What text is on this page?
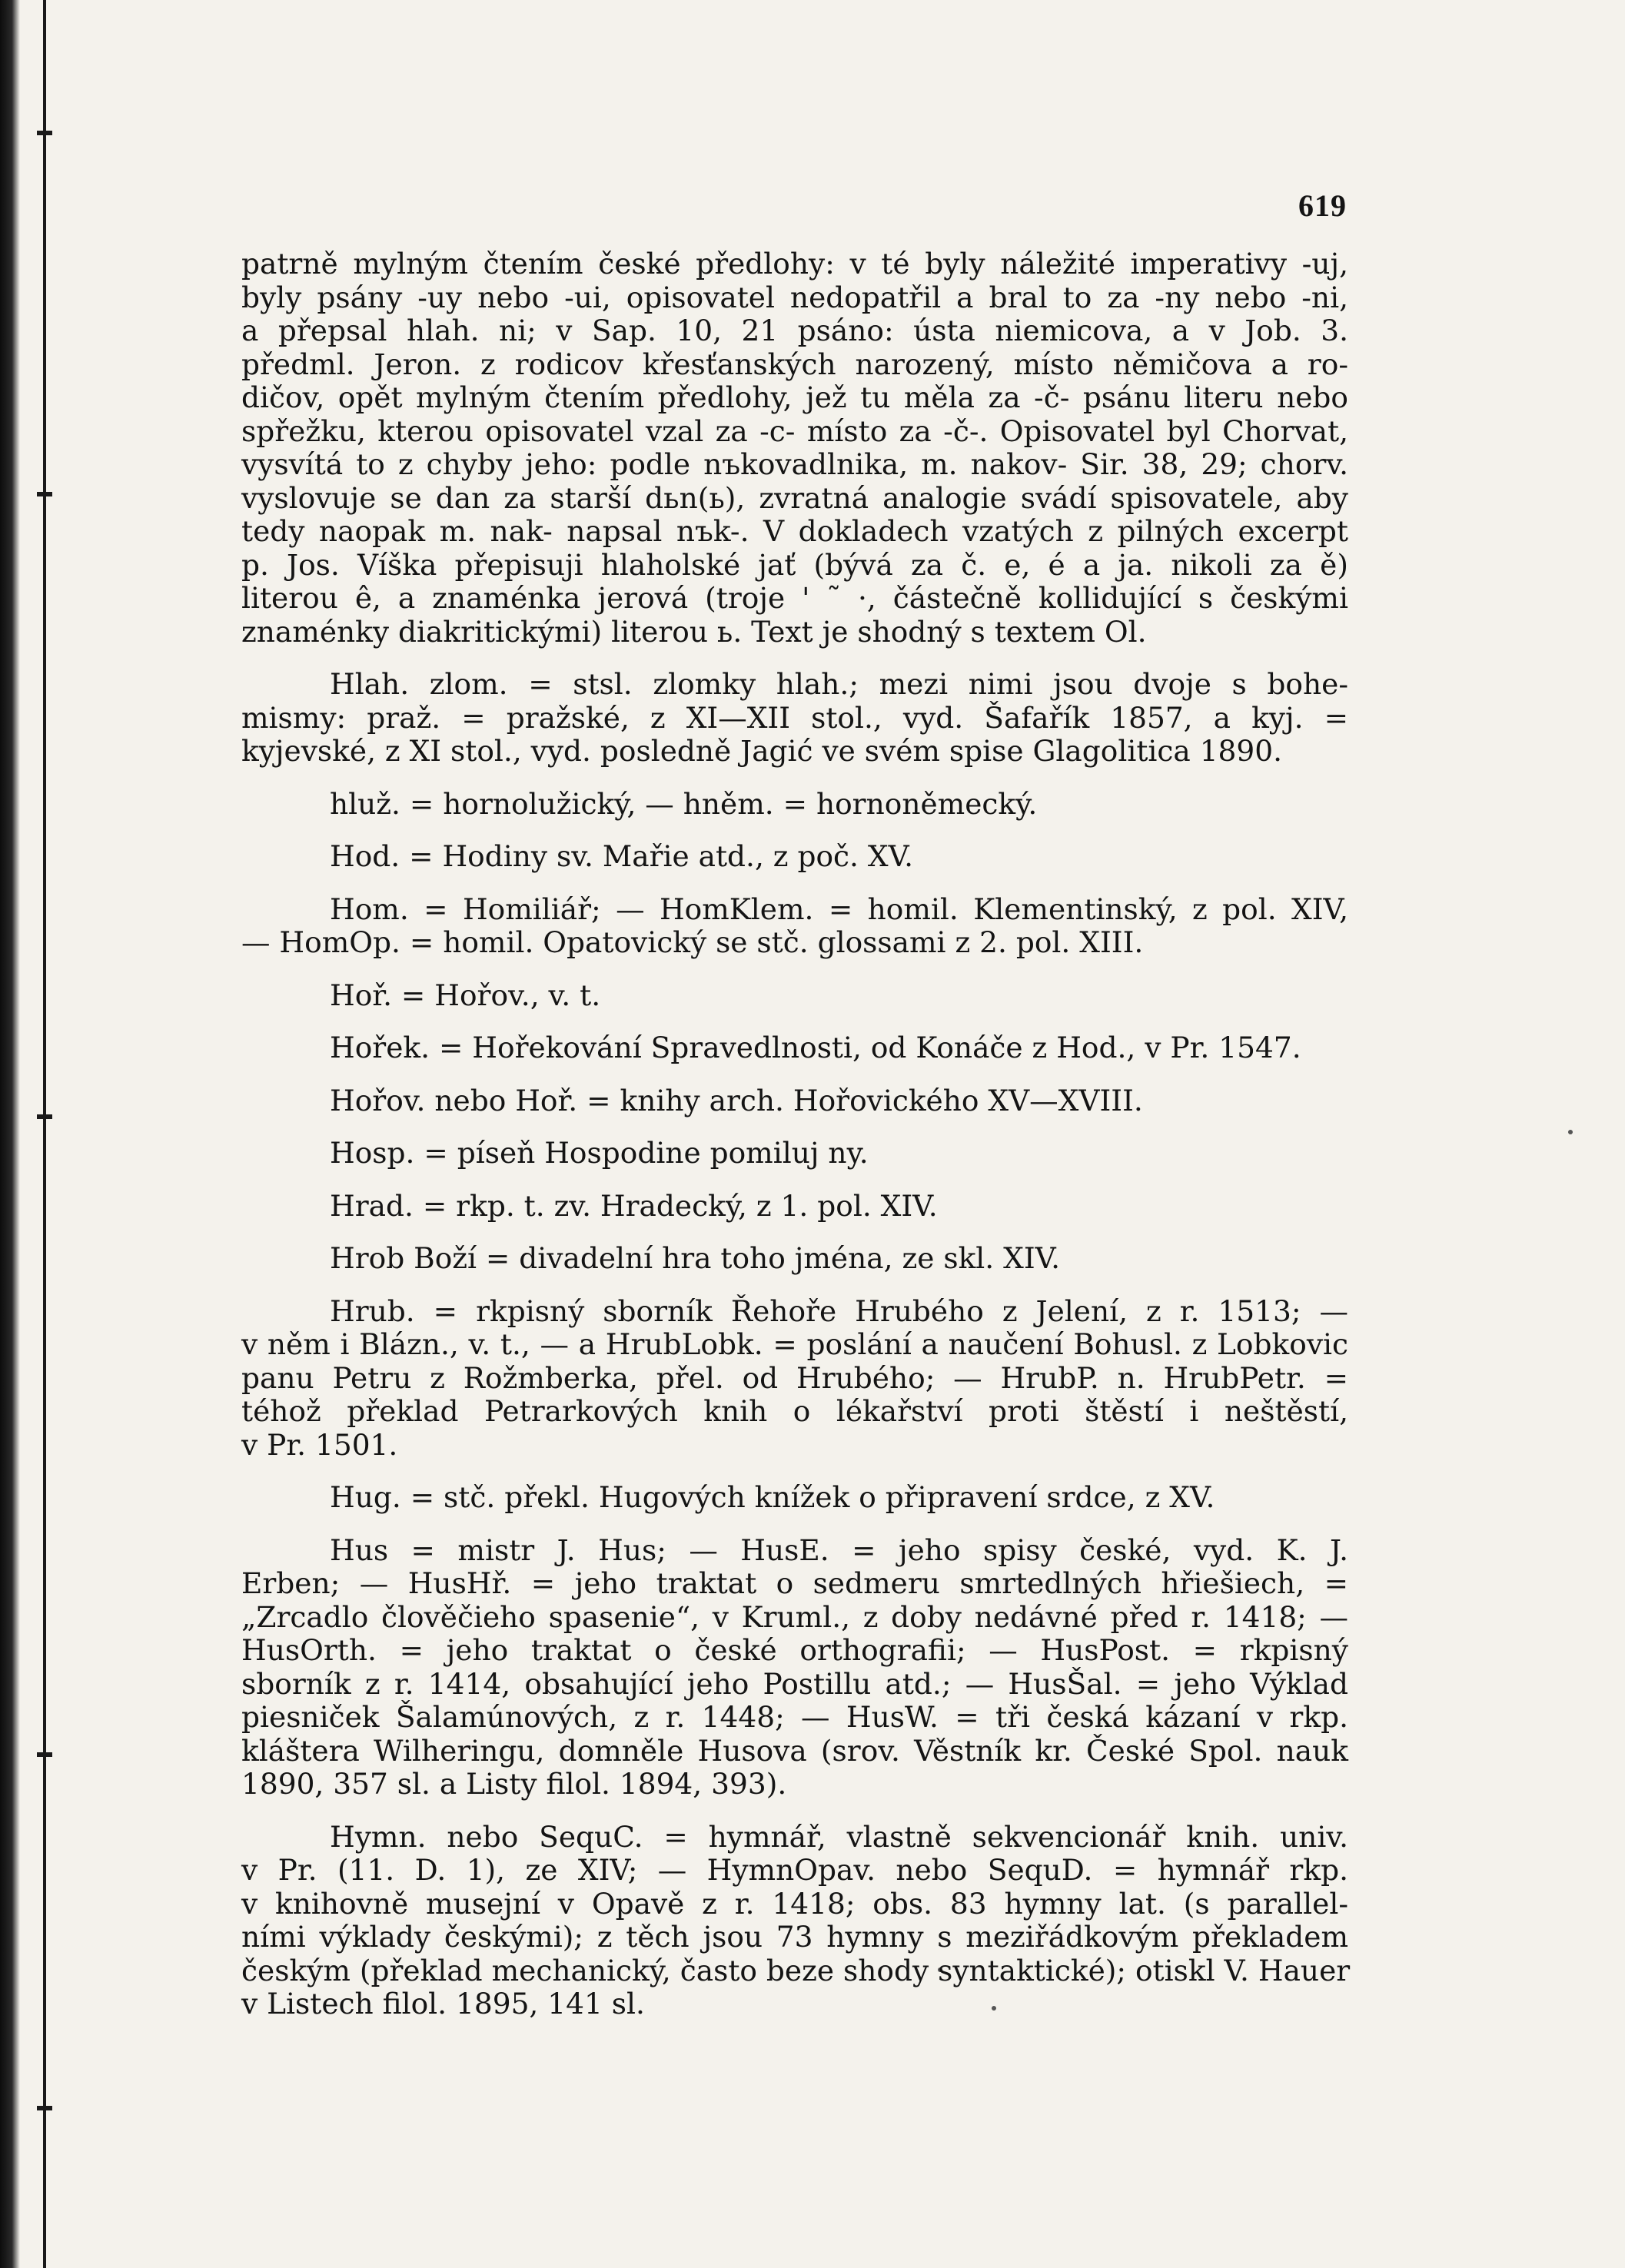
619

patrně mylným čtením české předlohy: v té byly náležité imperativy -uj,
byly psány -uy nebo -ui, opisovatel nedopatřil a bral to za -ny nebo -ni,
a přepsal hlah. ni; v Sap. 10, 21 psáno: ústa niemicova, a v Job. 3.
předml. Jeron. z rodicov křesťanských narozený, místo němičova a ro-
dičov, opět mylným čtením předlohy, jež tu měla za -č- psánu literu nebo
spřežku, kterou opisovatel vzal za -c- místo za -č-. Opisovatel byl Chorvat,
vysvítá to z chyby jeho: podle nъkovadlnika, m. nakov- Sir. 38, 29; chorv.
vyslovuje se dan za starší dьn(ь), zvratná analogie svádí spisovatele, aby
tedy naopak m. nak- napsal nъk-. V dokladech vzatých z pilných excerpt
p. Jos. Víška přepisuji hlaholské jať (bývá za č. e, é a ja. nikoli za ě)
literou ê, a znaménka jerová (troje ' ˜ ·, částečně kollidující s českými
znaménky diakritickými) literou ь. Text je shodný s textem Ol.

Hlah. zlom. = stsl. zlomky hlah.; mezi nimi jsou dvoje s bohe-
mismy: praž. = pražské, z XI—XII stol., vyd. Šafařík 1857, a kyj. =
kyjevské, z XI stol., vyd. posledně Jagić ve svém spise Glagolitica 1890.

hluž. = hornolužický, — hněm. = hornoněmecký.

Hod. = Hodiny sv. Mařie atd., z poč. XV.

Hom. = Homiliář; — HomKlem. = homil. Klementinský, z pol. XIV,
— HomOp. = homil. Opatovický se stč. glossami z 2. pol. XIII.

Hoř. = Hořov., v. t.

Hořek. = Hořekování Spravedlnosti, od Konáče z Hod., v Pr. 1547.

Hořov. nebo Hoř. = knihy arch. Hořovického XV—XVIII.

Hosp. = píseň Hospodine pomiluj ny.

Hrad. = rkp. t. zv. Hradecký, z 1. pol. XIV.

Hrob Boží = divadelní hra toho jména, ze skl. XIV.

Hrub. = rkpisný sborník Řehoře Hrubého z Jelení, z r. 1513; —
v něm i Blázn., v. t., — a HrubLobk. = poslání a naučení Bohusl. z Lobkovic
panu Petru z Rožmberka, přel. od Hrubého; — HrubP. n. HrubPetr. =
téhož překlad Petrarkových knih o lékařství proti štěstí i neštěstí,
v Pr. 1501.

Hug. = stč. překl. Hugových knížek o připravení srdce, z XV.

Hus = mistr J. Hus; — HusE. = jeho spisy české, vyd. K. J.
Erben; — HusHř. = jeho traktat o sedmeru smrtedlných hřiešiech, =
„Zrcadlo člověčieho spasenie“, v Kruml., z doby nedávné před r. 1418; —
HusOrth. = jeho traktat o české orthografii; — HusPost. = rkpisný
sborník z r. 1414, obsahující jeho Postillu atd.; — HusŠal. = jeho Výklad
piesniček Šalamúnových, z r. 1448; — HusW. = tři česká kázaní v rkp.
kláštera Wilheringu, domněle Husova (srov. Věstník kr. České Spol. nauk
1890, 357 sl. a Listy filol. 1894, 393).

Hymn. nebo SequC. = hymnář, vlastně sekvencionář knih. univ.
v Pr. (11. D. 1), ze XIV; — HymnOpav. nebo SequD. = hymnář rkp.
v knihovně musejní v Opavě z r. 1418; obs. 83 hymny lat. (s parallel-
ními výklady českými); z těch jsou 73 hymny s meziřádkovým překladem
českým (překlad mechanický, často beze shody syntaktické); otiskl V. Hauer
v Listech filol. 1895, 141 sl.
